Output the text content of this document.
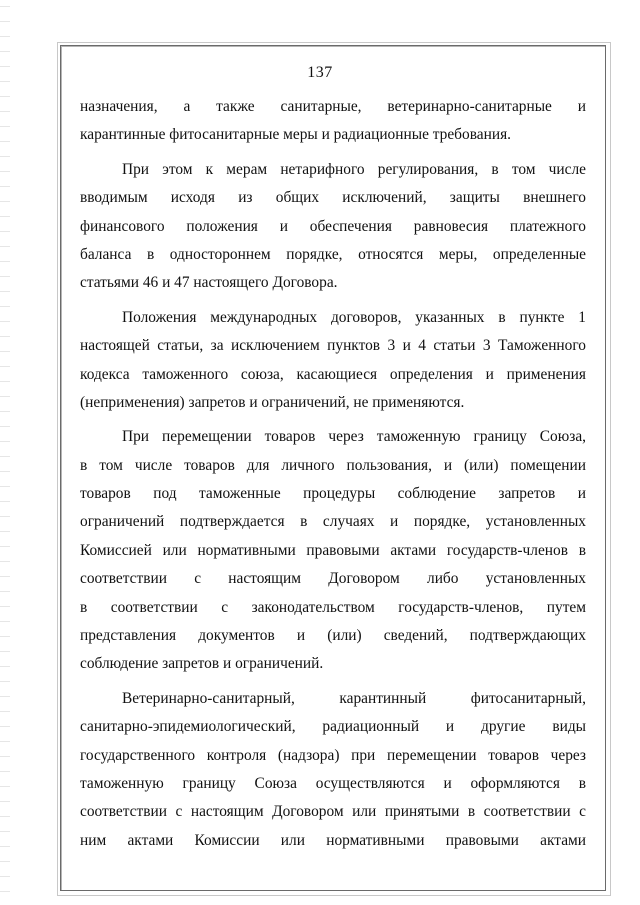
137
назначения, а также санитарные, ветеринарно-санитарные и
карантинные фитосанитарные меры и радиационные требования.
При этом к мерам нетарифного регулирования, в том числе
вводимым исходя из общих исключений, защиты внешнего
финансового положения и обеспечения равновесия платежного
баланса в одностороннем порядке, относятся меры, определенные
статьями 46 и 47 настоящего Договора.
Положения международных договоров, указанных в пункте 1
настоящей статьи, за исключением пунктов 3 и 4 статьи 3 Таможенного
кодекса таможенного союза, касающиеся определения и применения
(неприменения) запретов и ограничений, не применяются.
При перемещении товаров через таможенную границу Союза,
в том числе товаров для личного пользования, и (или) помещении
товаров под таможенные процедуры соблюдение запретов и
ограничений подтверждается в случаях и порядке, установленных
Комиссией или нормативными правовыми актами государств-членов в
соответствии с настоящим Договором либо установленных
в соответствии с законодательством государств-членов, путем
представления документов и (или) сведений, подтверждающих
соблюдение запретов и ограничений.
Ветеринарно-санитарный, карантинный фитосанитарный,
санитарно-эпидемиологический, радиационный и другие виды
государственного контроля (надзора) при перемещении товаров через
таможенную границу Союза осуществляются и оформляются в
соответствии с настоящим Договором или принятыми в соответствии с
ним актами Комиссии или нормативными правовыми актами
